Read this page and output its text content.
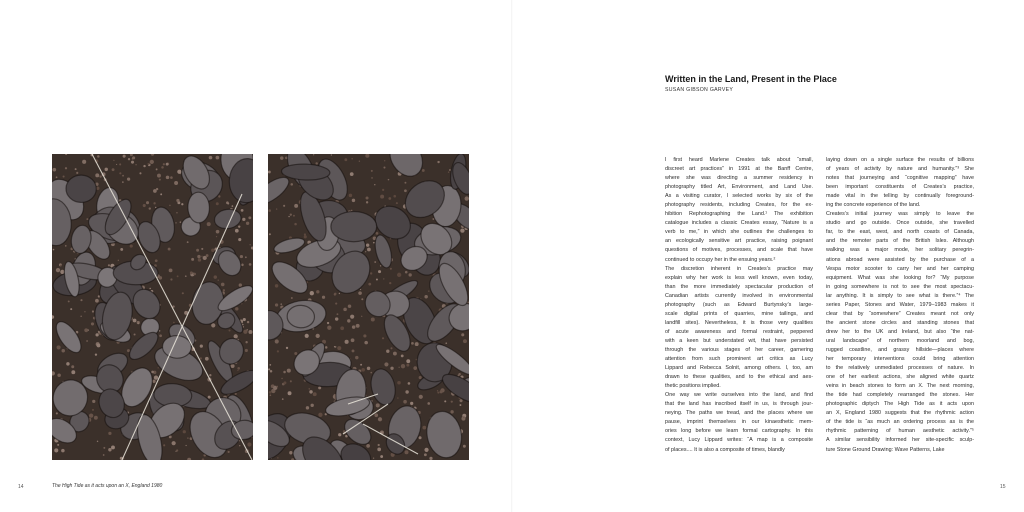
14	The High Tide as it acts upon an X, England 1980
Written in the Land, Present in the Place
SUSAN GIBSON GARVEY
I first heard Marlene Creates talk about “small,
discreet art practices” in 1991 at the Banff Centre,
where she was directing a summer residency in
photography titled Art, Environment, and Land Use.
As a visiting curator, I selected works by six of the
photography residents, including Creates, for the ex-
hibition Rephotographing the Land.¹ The exhibition
catalogue includes a classic Creates essay, “Nature is a
verb to me,” in which she outlines the challenges to
an ecologically sensitive art practice, raising poignant
questions of motives, processes, and scale that have
continued to occupy her in the ensuing years.²
The discretion inherent in Creates’s practice may
explain why her work is less well known, even today,
than the more immediately spectacular production of
Canadian artists currently involved in environmental
photography (such as Edward Burtynsky’s large-
scale digital prints of quarries, mine tailings, and
landfill sites). Nevertheless, it is those very qualities
of acute awareness and formal restraint, peppered
with a keen but understated wit, that have persisted
through the various stages of her career, garnering
attention from such prominent art critics as Lucy
Lippard and Rebecca Solnit, among others. I, too, am
drawn to these qualities, and to the ethical and aes-
thetic positions implied.
One way we write ourselves into the land, and find
that the land has inscribed itself in us, is through jour-
neying. The paths we tread, and the places where we
pause, imprint themselves in our kinaesthetic mem-
ories long before we learn formal cartography. In this
context, Lucy Lippard writes: “A map is a composite
of places.... It is also a composite of times, blandly
laying down on a single surface the results of billions
of years of activity by nature and humanity.”³ She
notes that journeying and “cognitive mapping” have
been important constituents of Creates’s practice,
made vital in the telling by continually foreground-
ing the concrete experience of the land.
Creates’s initial journey was simply to leave the
studio and go outside. Once outside, she travelled
far, to the east, west, and north coasts of Canada,
and the remoter parts of the British Isles. Although
walking was a major mode, her solitary peregrin-
ations abroad were assisted by the purchase of a
Vespa motor scooter to carry her and her camping
equipment. What was she looking for? “My purpose
in going somewhere is not to see the most spectacu-
lar anything. It is simply to see what is there.”⁴ The
series Paper, Stones and Water, 1979–1983 makes it
clear that by “somewhere” Creates meant not only
the ancient stone circles and standing stones that
drew her to the UK and Ireland, but also “the nat-
ural landscape” of northern moorland and bog,
rugged coastline, and grassy hillside—places where
her temporary interventions could bring attention
to the relatively unmediated processes of nature. In
one of her earliest actions, she aligned white quartz
veins in beach stones to form an X. The next morning,
the tide had completely rearranged the stones. Her
photographic diptych The High Tide as it acts upon
an X, England 1980 suggests that the rhythmic action
of the tide is “as much an ordering process as is the
rhythmic patterning of human aesthetic activity.”⁵
A similar sensibility informed her site-specific sculp-
ture Stone Ground Drawing: Wave Patterns, Lake
15
